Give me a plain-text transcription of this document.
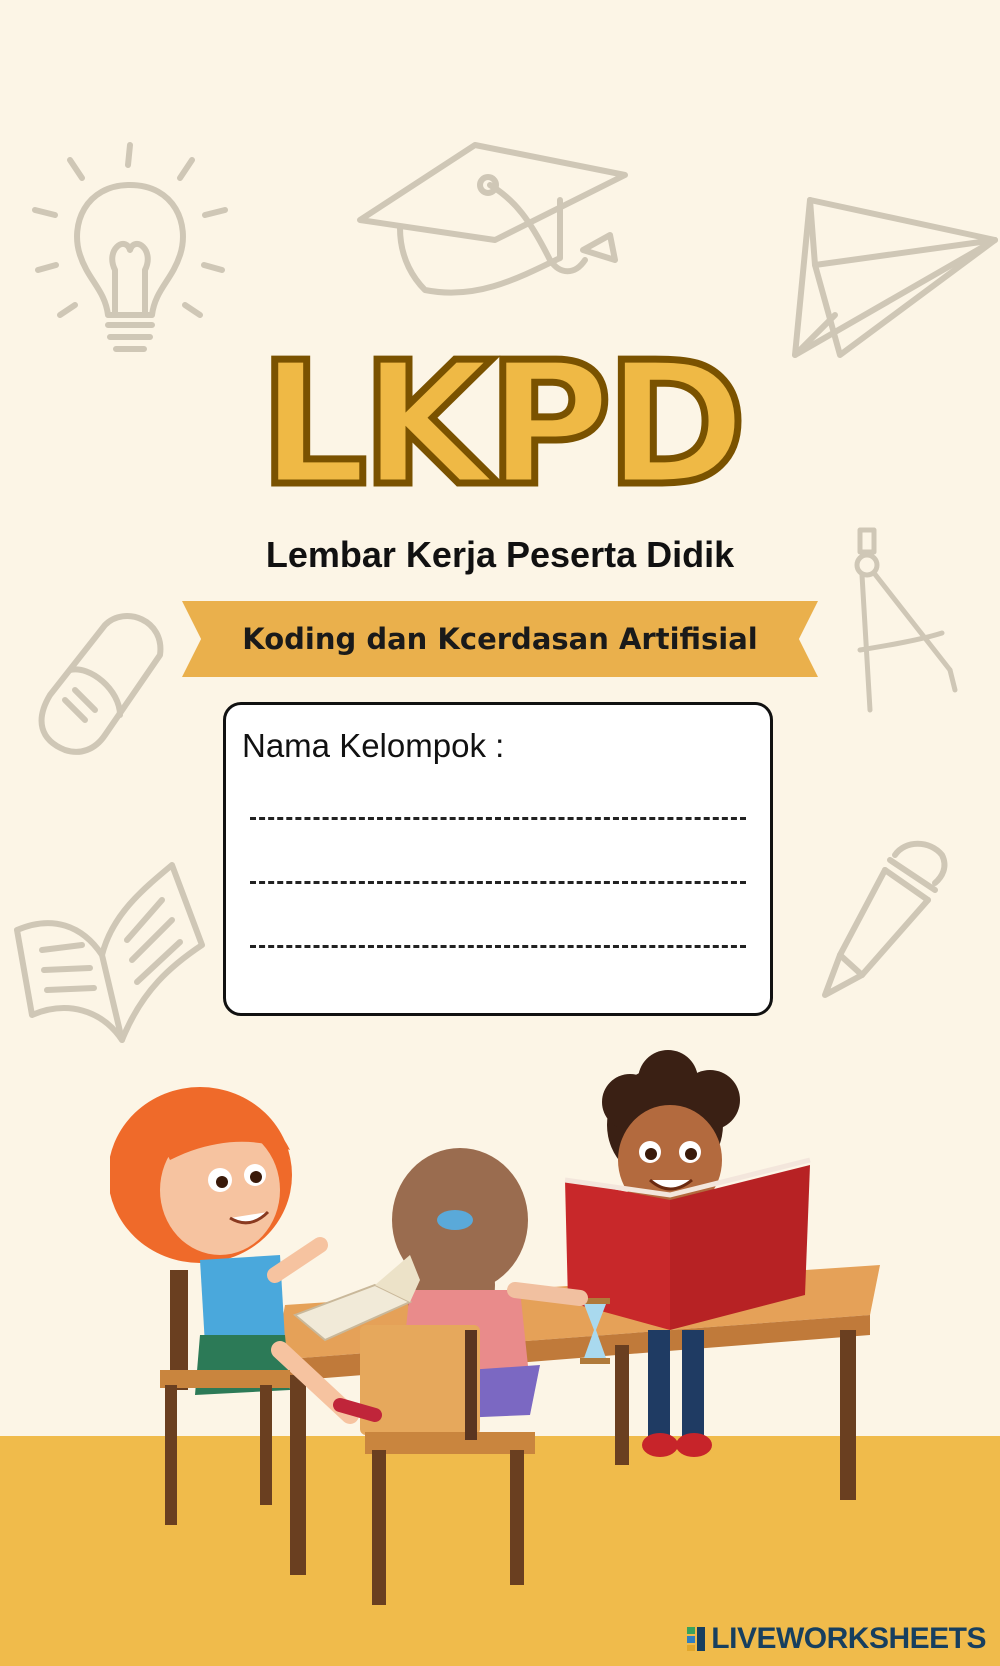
LKPD
Lembar Kerja Peserta Didik
Koding dan Kcerdasan Artifisial
Nama Kelompok :
LIVEWORKSHEETS
